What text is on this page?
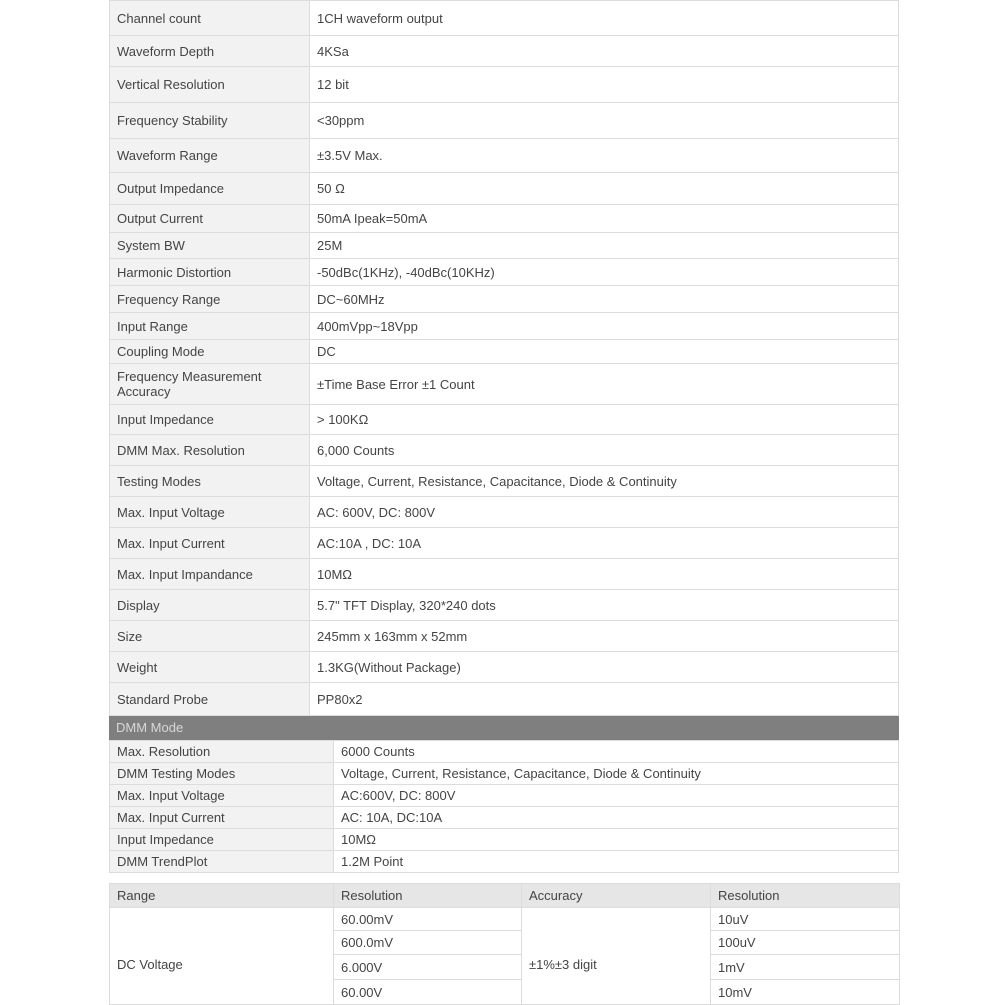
Channel count	1CH waveform output
Waveform Depth	4KSa
Vertical Resolution	12 bit
Frequency Stability	<30ppm
Waveform Range	±3.5V Max.
Output Impedance	50 Ω
Output Current	50mA Ipeak=50mA
System BW	25M
Harmonic Distortion	-50dBc(1KHz), -40dBc(10KHz)
Frequency Range	DC~60MHz
Input Range	400mVpp~18Vpp
Coupling Mode	DC
Frequency Measurement Accuracy	±Time Base Error ±1 Count
Input Impedance	> 100KΩ
DMM Max. Resolution	6,000 Counts
Testing Modes	Voltage, Current, Resistance, Capacitance, Diode & Continuity
Max. Input Voltage	AC: 600V, DC: 800V
Max. Input Current	AC:10A , DC: 10A
Max. Input Impandance	10MΩ
Display	5.7" TFT Display, 320*240 dots
Size	245mm x 163mm x 52mm
Weight	1.3KG(Without Package)
Standard Probe	PP80x2
DMM Mode
Max. Resolution	6000 Counts
DMM Testing Modes	Voltage, Current, Resistance, Capacitance, Diode & Continuity
Max. Input Voltage	AC:600V, DC: 800V
Max. Input Current	AC: 10A, DC:10A
Input Impedance	10MΩ
DMM TrendPlot	1.2M Point
Range	Resolution	Accuracy	Resolution
DC Voltage	60.00mV	±1%±3 digit	10uV
	600.0mV		100uV
	6.000V		1mV
	60.00V		10mV
